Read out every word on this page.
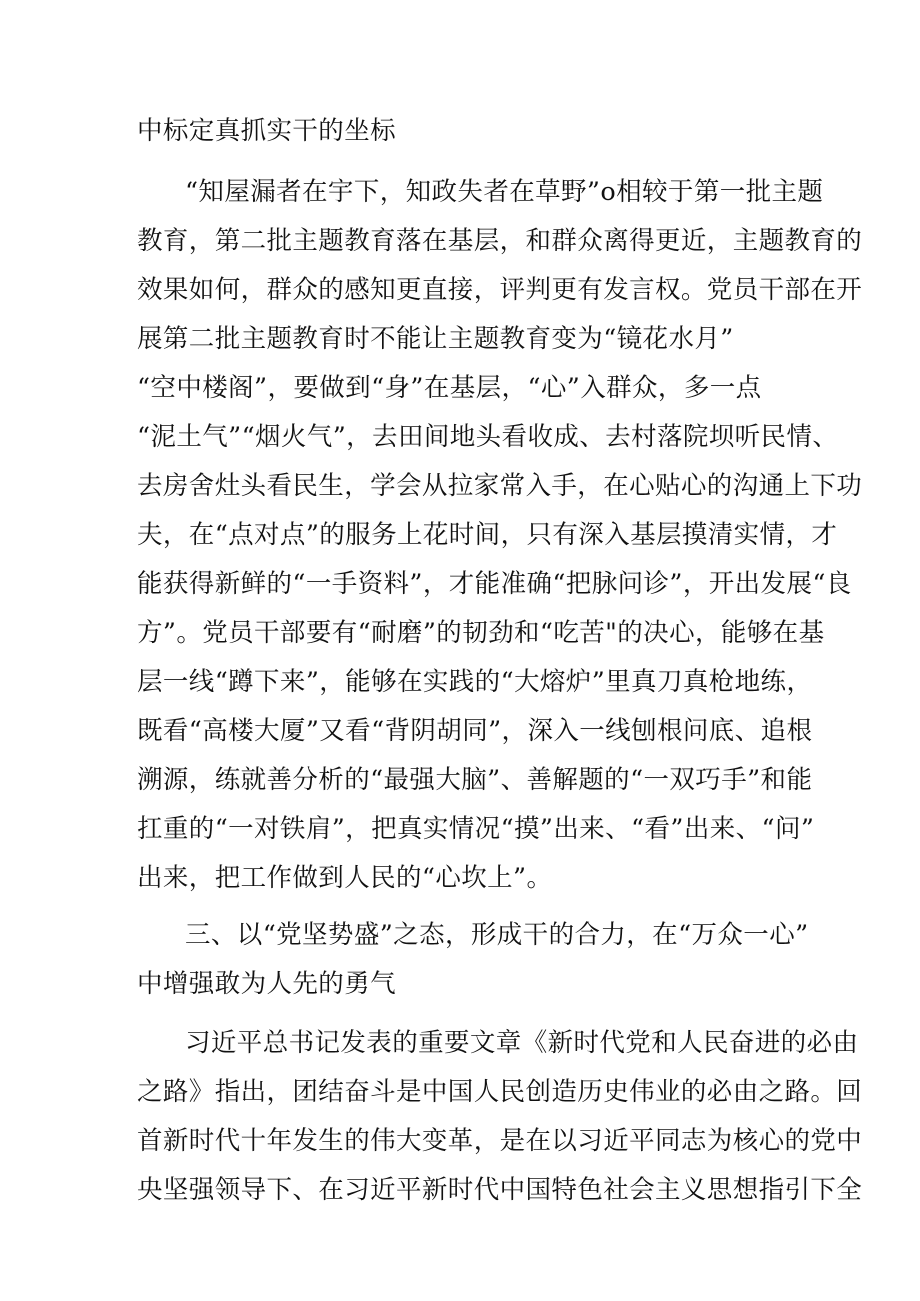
中标定真抓实干的坐标
“知屋漏者在宇下，知政失者在草野”o相较于第一批主题
教育，第二批主题教育落在基层，和群众离得更近，主题教育的
效果如何，群众的感知更直接，评判更有发言权。党员干部在开
展第二批主题教育时不能让主题教育变为“镜花水月”
“空中楼阁”，要做到“身”在基层，“心”入群众，多一点
“泥土气”“烟火气”，去田间地头看收成、去村落院坝听民情、
去房舍灶头看民生，学会从拉家常入手，在心贴心的沟通上下功
夫，在“点对点”的服务上花时间，只有深入基层摸清实情，才
能获得新鲜的“一手资料”，才能准确“把脉问诊”，开出发展“良
方”。党员干部要有“耐磨”的韧劲和“吃苦"的决心，能够在基
层一线“蹲下来”，能够在实践的“大熔炉”里真刀真枪地练，
既看“高楼大厦”又看“背阴胡同”，深入一线刨根问底、追根
溯源，练就善分析的“最强大脑”、善解题的“一双巧手”和能
扛重的“一对铁肩”，把真实情况“摸”出来、“看”出来、“问”
出来，把工作做到人民的“心坎上”。
三、以“党坚势盛”之态，形成干的合力，在“万众一心”
中增强敢为人先的勇气
习近平总书记发表的重要文章《新时代党和人民奋进的必由
之路》指出，团结奋斗是中国人民创造历史伟业的必由之路。回
首新时代十年发生的伟大变革，是在以习近平同志为核心的党中
央坚强领导下、在习近平新时代中国特色社会主义思想指引下全
